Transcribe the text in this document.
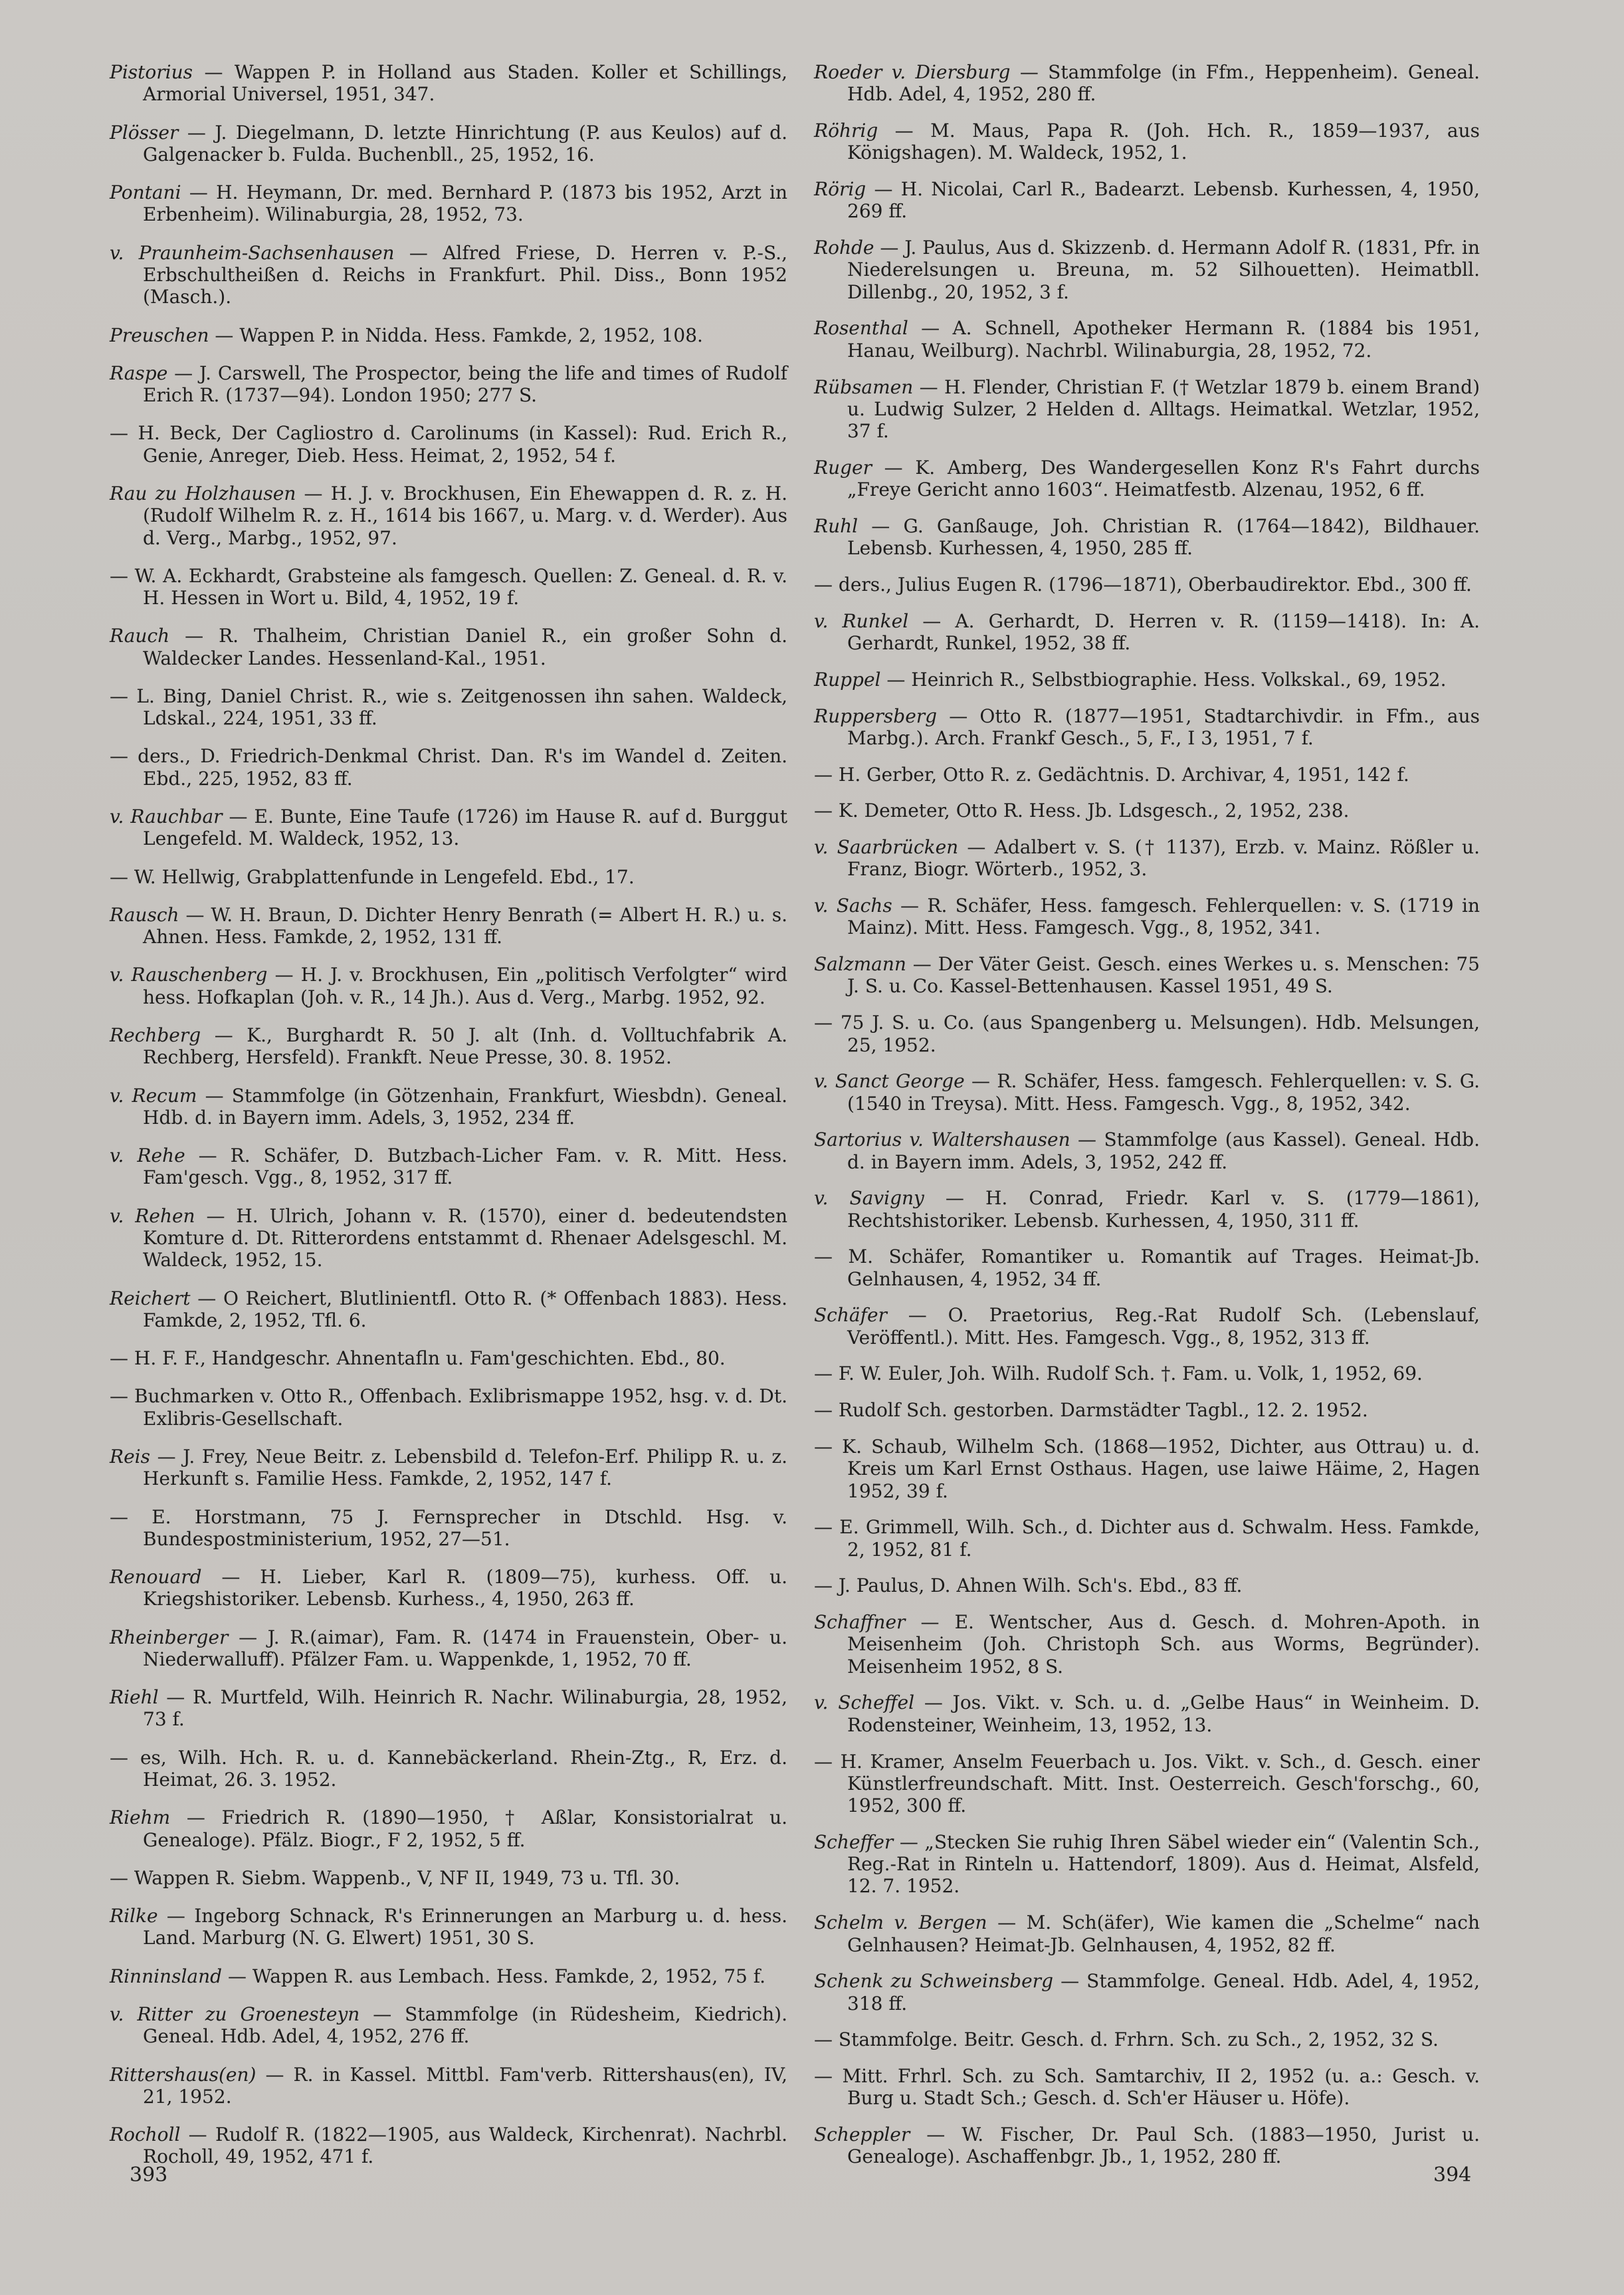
Pistorius — Wappen P. in Holland aus Staden. Koller et Schillings, Armorial Universel, 1951, 347.

Plösser — J. Diegelmann, D. letzte Hinrichtung (P. aus Keulos) auf d. Galgenacker b. Fulda. Buchenbll., 25, 1952, 16.

Pontani — H. Heymann, Dr. med. Bernhard P. (1873 bis 1952, Arzt in Erbenheim). Wilinaburgia, 28, 1952, 73.

v. Praunheim-Sachsenhausen — Alfred Friese, D. Herren v. P.-S., Erbschultheißen d. Reichs in Frankfurt. Phil. Diss., Bonn 1952 (Masch.).

Preuschen — Wappen P. in Nidda. Hess. Famkde, 2, 1952, 108.

Raspe — J. Carswell, The Prospector, being the life and times of Rudolf Erich R. (1737—94). London 1950; 277 S.

— H. Beck, Der Cagliostro d. Carolinums (in Kassel): Rud. Erich R., Genie, Anreger, Dieb. Hess. Heimat, 2, 1952, 54 f.

Rau zu Holzhausen — H. J. v. Brockhusen, Ein Ehewappen d. R. z. H. (Rudolf Wilhelm R. z. H., 1614 bis 1667, u. Marg. v. d. Werder). Aus d. Verg., Marbg., 1952, 97.

— W. A. Eckhardt, Grabsteine als famgesch. Quellen: Z. Geneal. d. R. v. H. Hessen in Wort u. Bild, 4, 1952, 19 f.

Rauch — R. Thalheim, Christian Daniel R., ein großer Sohn d. Waldecker Landes. Hessenland-Kal., 1951.

— L. Bing, Daniel Christ. R., wie s. Zeitgenossen ihn sahen. Waldeck, Ldskal., 224, 1951, 33 ff.

— ders., D. Friedrich-Denkmal Christ. Dan. R's im Wandel d. Zeiten. Ebd., 225, 1952, 83 ff.

v. Rauchbar — E. Bunte, Eine Taufe (1726) im Hause R. auf d. Burggut Lengefeld. M. Waldeck, 1952, 13.

— W. Hellwig, Grabplattenfunde in Lengefeld. Ebd., 17.

Rausch — W. H. Braun, D. Dichter Henry Benrath (= Albert H. R.) u. s. Ahnen. Hess. Famkde, 2, 1952, 131 ff.

v. Rauschenberg — H. J. v. Brockhusen, Ein „politisch Verfolgter“ wird hess. Hofkaplan (Joh. v. R., 14 Jh.). Aus d. Verg., Marbg. 1952, 92.

Rechberg — K., Burghardt R. 50 J. alt (Inh. d. Volltuchfabrik A. Rechberg, Hersfeld). Frankft. Neue Presse, 30. 8. 1952.

v. Recum — Stammfolge (in Götzenhain, Frankfurt, Wiesbdn). Geneal. Hdb. d. in Bayern imm. Adels, 3, 1952, 234 ff.

v. Rehe — R. Schäfer, D. Butzbach-Licher Fam. v. R. Mitt. Hess. Fam'gesch. Vgg., 8, 1952, 317 ff.

v. Rehen — H. Ulrich, Johann v. R. (1570), einer d. bedeutendsten Komture d. Dt. Ritterordens entstammt d. Rhenaer Adelsgeschl. M. Waldeck, 1952, 15.

Reichert — O Reichert, Blutlinientfl. Otto R. (* Offenbach 1883). Hess. Famkde, 2, 1952, Tfl. 6.

— H. F. F., Handgeschr. Ahnentafln u. Fam'geschichten. Ebd., 80.

— Buchmarken v. Otto R., Offenbach. Exlibrismappe 1952, hsg. v. d. Dt. Exlibris-Gesellschaft.

Reis — J. Frey, Neue Beitr. z. Lebensbild d. Telefon-Erf. Philipp R. u. z. Herkunft s. Familie Hess. Famkde, 2, 1952, 147 f.

— E. Horstmann, 75 J. Fernsprecher in Dtschld. Hsg. v. Bundespostministerium, 1952, 27—51.

Renouard — H. Lieber, Karl R. (1809—75), kurhess. Off. u. Kriegshistoriker. Lebensb. Kurhess., 4, 1950, 263 ff.

Rheinberger — J. R.(aimar), Fam. R. (1474 in Frauenstein, Ober- u. Niederwalluff). Pfälzer Fam. u. Wappenkde, 1, 1952, 70 ff.

Riehl — R. Murtfeld, Wilh. Heinrich R. Nachr. Wilinaburgia, 28, 1952, 73 f.

— es, Wilh. Hch. R. u. d. Kannebäckerland. Rhein-Ztg., R, Erz. d. Heimat, 26. 3. 1952.

Riehm — Friedrich R. (1890—1950, † Aßlar, Konsistorialrat u. Genealoge). Pfälz. Biogr., F 2, 1952, 5 ff.

— Wappen R. Siebm. Wappenb., V, NF II, 1949, 73 u. Tfl. 30.

Rilke — Ingeborg Schnack, R's Erinnerungen an Marburg u. d. hess. Land. Marburg (N. G. Elwert) 1951, 30 S.

Rinninsland — Wappen R. aus Lembach. Hess. Famkde, 2, 1952, 75 f.

v. Ritter zu Groenesteyn — Stammfolge (in Rüdesheim, Kiedrich). Geneal. Hdb. Adel, 4, 1952, 276 ff.

Rittershaus(en) — R. in Kassel. Mittbl. Fam'verb. Rittershaus(en), IV, 21, 1952.

Rocholl — Rudolf R. (1822—1905, aus Waldeck, Kirchenrat). Nachrbl. Rocholl, 49, 1952, 471 f.

Roeder v. Diersburg — Stammfolge (in Ffm., Heppenheim). Geneal. Hdb. Adel, 4, 1952, 280 ff.

Röhrig — M. Maus, Papa R. (Joh. Hch. R., 1859—1937, aus Königshagen). M. Waldeck, 1952, 1.

Rörig — H. Nicolai, Carl R., Badearzt. Lebensb. Kurhessen, 4, 1950, 269 ff.

Rohde — J. Paulus, Aus d. Skizzenb. d. Hermann Adolf R. (1831, Pfr. in Niederelsungen u. Breuna, m. 52 Silhouetten). Heimatbll. Dillenbg., 20, 1952, 3 f.

Rosenthal — A. Schnell, Apotheker Hermann R. (1884 bis 1951, Hanau, Weilburg). Nachrbl. Wilinaburgia, 28, 1952, 72.

Rübsamen — H. Flender, Christian F. († Wetzlar 1879 b. einem Brand) u. Ludwig Sulzer, 2 Helden d. Alltags. Heimatkal. Wetzlar, 1952, 37 f.

Ruger — K. Amberg, Des Wandergesellen Konz R's Fahrt durchs „Freye Gericht anno 1603“. Heimatfestb. Alzenau, 1952, 6 ff.

Ruhl — G. Ganßauge, Joh. Christian R. (1764—1842), Bildhauer. Lebensb. Kurhessen, 4, 1950, 285 ff.

— ders., Julius Eugen R. (1796—1871), Oberbaudirektor. Ebd., 300 ff.

v. Runkel — A. Gerhardt, D. Herren v. R. (1159—1418). In: A. Gerhardt, Runkel, 1952, 38 ff.

Ruppel — Heinrich R., Selbstbiographie. Hess. Volkskal., 69, 1952.

Ruppersberg — Otto R. (1877—1951, Stadtarchivdir. in Ffm., aus Marbg.). Arch. Frankf Gesch., 5, F., I 3, 1951, 7 f.

— H. Gerber, Otto R. z. Gedächtnis. D. Archivar, 4, 1951, 142 f.

— K. Demeter, Otto R. Hess. Jb. Ldsgesch., 2, 1952, 238.

v. Saarbrücken — Adalbert v. S. († 1137), Erzb. v. Mainz. Rößler u. Franz, Biogr. Wörterb., 1952, 3.

v. Sachs — R. Schäfer, Hess. famgesch. Fehlerquellen: v. S. (1719 in Mainz). Mitt. Hess. Famgesch. Vgg., 8, 1952, 341.

Salzmann — Der Väter Geist. Gesch. eines Werkes u. s. Menschen: 75 J. S. u. Co. Kassel-Bettenhausen. Kassel 1951, 49 S.

— 75 J. S. u. Co. (aus Spangenberg u. Melsungen). Hdb. Melsungen, 25, 1952.

v. Sanct George — R. Schäfer, Hess. famgesch. Fehlerquellen: v. S. G. (1540 in Treysa). Mitt. Hess. Famgesch. Vgg., 8, 1952, 342.

Sartorius v. Waltershausen — Stammfolge (aus Kassel). Geneal. Hdb. d. in Bayern imm. Adels, 3, 1952, 242 ff.

v. Savigny — H. Conrad, Friedr. Karl v. S. (1779—1861), Rechtshistoriker. Lebensb. Kurhessen, 4, 1950, 311 ff.

— M. Schäfer, Romantiker u. Romantik auf Trages. Heimat-Jb. Gelnhausen, 4, 1952, 34 ff.

Schäfer — O. Praetorius, Reg.-Rat Rudolf Sch. (Lebenslauf, Veröffentl.). Mitt. Hes. Famgesch. Vgg., 8, 1952, 313 ff.

— F. W. Euler, Joh. Wilh. Rudolf Sch. †. Fam. u. Volk, 1, 1952, 69.

— Rudolf Sch. gestorben. Darmstädter Tagbl., 12. 2. 1952.

— K. Schaub, Wilhelm Sch. (1868—1952, Dichter, aus Ottrau) u. d. Kreis um Karl Ernst Osthaus. Hagen, use laiwe Häime, 2, Hagen 1952, 39 f.

— E. Grimmell, Wilh. Sch., d. Dichter aus d. Schwalm. Hess. Famkde, 2, 1952, 81 f.

— J. Paulus, D. Ahnen Wilh. Sch's. Ebd., 83 ff.

Schaffner — E. Wentscher, Aus d. Gesch. d. Mohren-Apoth. in Meisenheim (Joh. Christoph Sch. aus Worms, Begründer). Meisenheim 1952, 8 S.

v. Scheffel — Jos. Vikt. v. Sch. u. d. „Gelbe Haus“ in Weinheim. D. Rodensteiner, Weinheim, 13, 1952, 13.

— H. Kramer, Anselm Feuerbach u. Jos. Vikt. v. Sch., d. Gesch. einer Künstlerfreundschaft. Mitt. Inst. Oesterreich. Gesch'forschg., 60, 1952, 300 ff.

Scheffer — „Stecken Sie ruhig Ihren Säbel wieder ein“ (Valentin Sch., Reg.-Rat in Rinteln u. Hattendorf, 1809). Aus d. Heimat, Alsfeld, 12. 7. 1952.

Schelm v. Bergen — M. Sch(äfer), Wie kamen die „Schelme“ nach Gelnhausen? Heimat-Jb. Gelnhausen, 4, 1952, 82 ff.

Schenk zu Schweinsberg — Stammfolge. Geneal. Hdb. Adel, 4, 1952, 318 ff.

— Stammfolge. Beitr. Gesch. d. Frhrn. Sch. zu Sch., 2, 1952, 32 S.

— Mitt. Frhrl. Sch. zu Sch. Samtarchiv, II 2, 1952 (u. a.: Gesch. v. Burg u. Stadt Sch.; Gesch. d. Sch'er Häuser u. Höfe).

Scheppler — W. Fischer, Dr. Paul Sch. (1883—1950, Jurist u. Genealoge). Aschaffenbgr. Jb., 1, 1952, 280 ff.

393	394
